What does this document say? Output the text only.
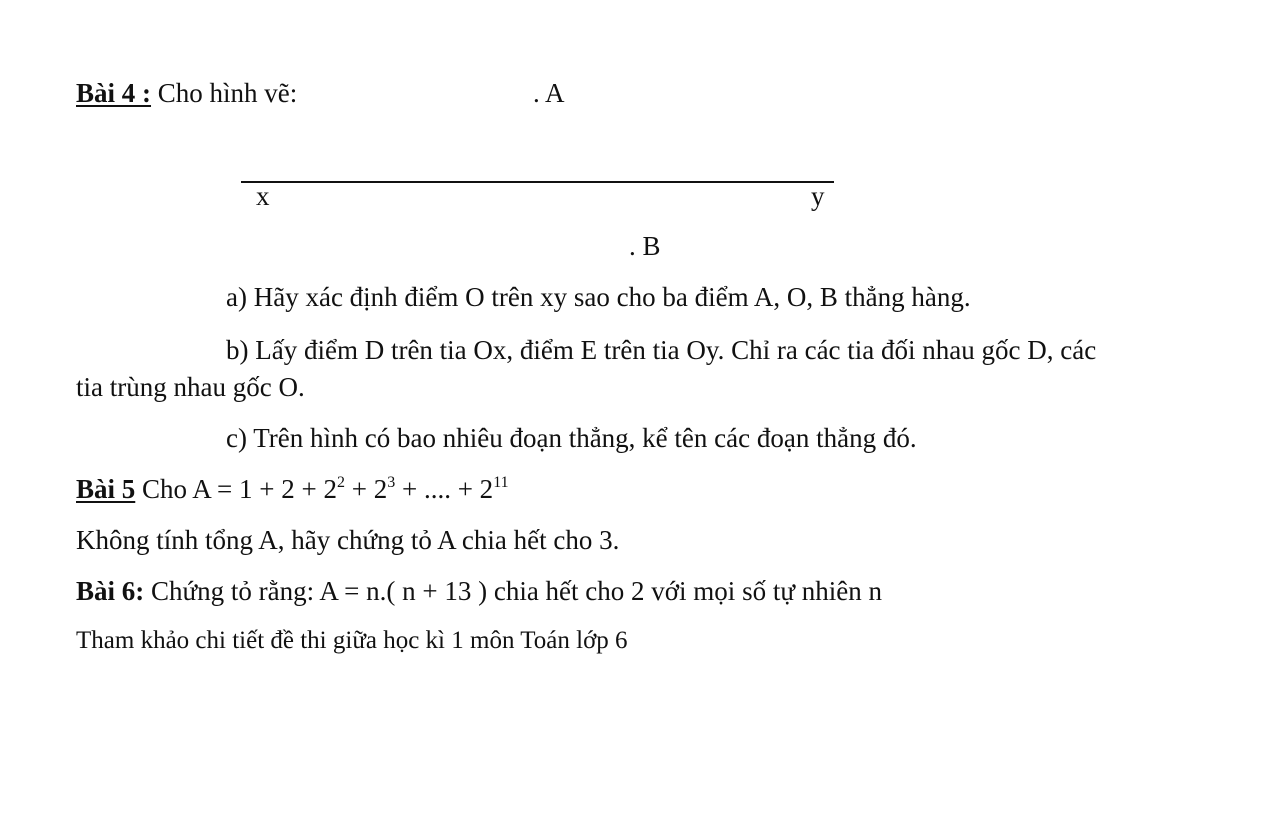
Bài 4 : Cho hình vẽ:	. A
x	y
. B
a) Hãy xác định điểm O trên xy sao cho ba điểm A, O, B thẳng hàng.
b) Lấy điểm D trên tia Ox, điểm E trên tia Oy. Chỉ ra các tia đối nhau gốc D, các
tia trùng nhau gốc O.
c) Trên hình có bao nhiêu đoạn thẳng, kể tên các đoạn thẳng đó.
Bài 5 Cho $A = 1 + 2 + 2^2 + 2^3$ + .... + $2^{11}$
Không tính tổng A, hãy chứng tỏ A chia hết cho 3.
Bài 6: Chứng tỏ rằng: A = n.( n + 13 ) chia hết cho 2 với mọi số tự nhiên n
Tham khảo chi tiết đề thi giữa học kì 1 môn Toán lớp 6
